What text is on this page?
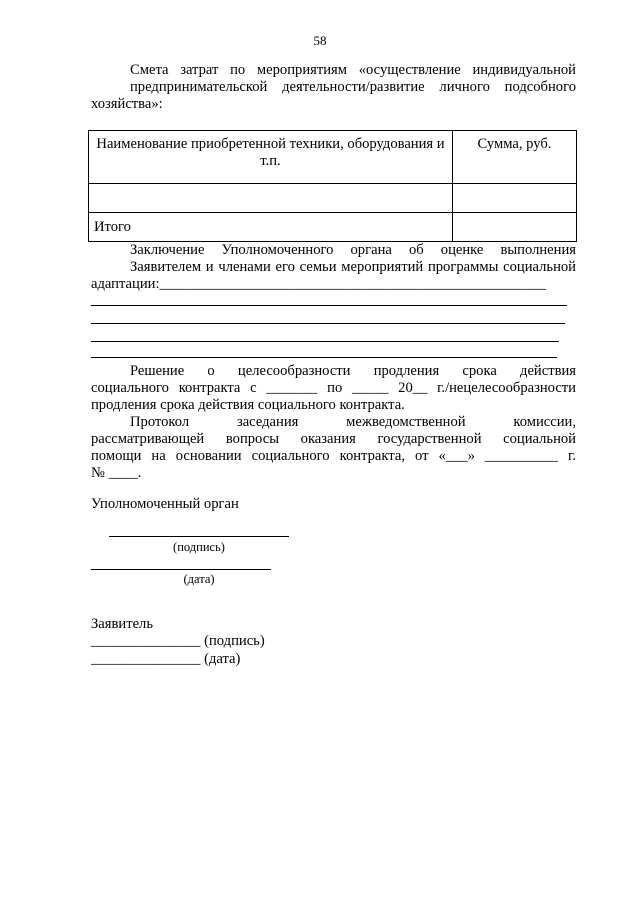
58

Смета затрат по мероприятиям «осуществление индивидуальной
предпринимательской деятельности/развитие личного подсобного
хозяйства»:

Наименование приобретенной техники, оборудования и т.п.	Сумма, руб.

Итого	

Заключение Уполномоченного органа об оценке выполнения
Заявителем и членами его семьи мероприятий программы социальной
адаптации:_____________________________________________________

Решение о целесообразности продления срока действия
социального контракта с _______ по _____ 20__ г./нецелесообразности
продления срока действия социального контракта.

Протокол заседания межведомственной комиссии,
рассматривающей вопросы оказания государственной социальной
помощи на основании социального контракта, от «___» __________ г.
№ ____.

Уполномоченный орган
(подпись)
(дата)
Заявитель
_______________ (подпись)
_______________ (дата)
